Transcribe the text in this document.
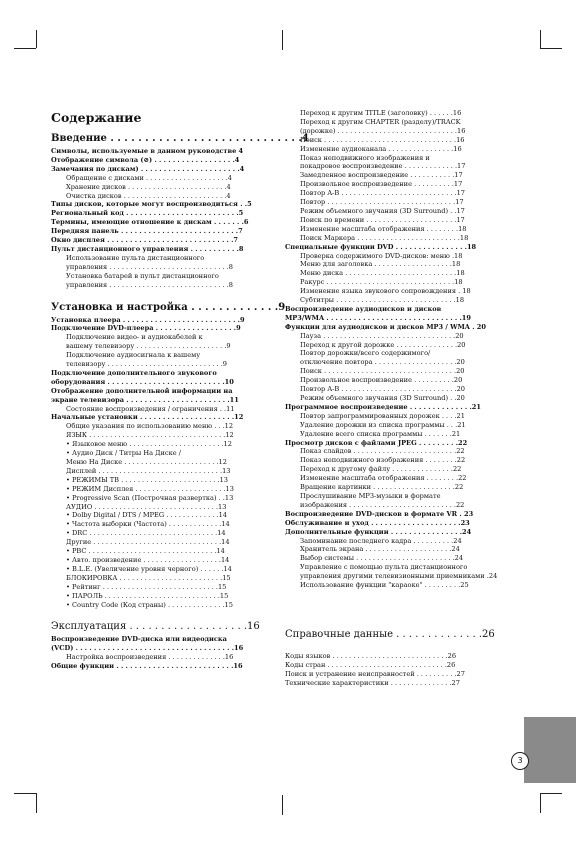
3
Содержание
Введение . . . . . . . . . . . . . . . . . . . . . . . . . . . .4
Символы, используемые в данном руководстве 4
Отображение символа (⊘) . . . . . . . . . . . . . . . . . .4
Замечания по дискам) . . . . . . . . . . . . . . . . . . . . . .4
Обращение с дисками . . . . . . . . . . . . . . . . . . . .4
Хранение дисков . . . . . . . . . . . . . . . . . . . . . . . .4
Очистка дисков . . . . . . . . . . . . . . . . . . . . . . . . .4
Типы дисков, которые могут воспроизводиться . .5
Региональный код . . . . . . . . . . . . . . . . . . . . . . . . .5
Термины, имеющие отношение к дискам . . . . . . .6
Передняя панель . . . . . . . . . . . . . . . . . . . . . . . . . .7
Окно дисплея . . . . . . . . . . . . . . . . . . . . . . . . . . . .7
Пульт дистанционного управления . . . . . . . . . . .8
Использование пульта дистанционного
управления . . . . . . . . . . . . . . . . . . . . . . . . . . . . .8
Установка батарей в пульт дистанционного
управления . . . . . . . . . . . . . . . . . . . . . . . . . . . . .8
Установка и настройка . . . . . . . . . . . . .9
Установка плеера . . . . . . . . . . . . . . . . . . . . . . . . . .9
Подключение DVD-плеера . . . . . . . . . . . . . . . . . .9
Подключение видео- и аудиокабелей к
вашему телевизору . . . . . . . . . . . . . . . . . . . . . .9
Подключение аудиосигнала к вашему
телевизору . . . . . . . . . . . . . . . . . . . . . . . . . . . .9
Подключение дополнительного звукового
оборудования . . . . . . . . . . . . . . . . . . . . . . . . . .10
Отображение дополнительной информации на
экране телевизора . . . . . . . . . . . . . . . . . . . . . . .11
Состояние воспроизведения / ограничения . .11
Начальные установки . . . . . . . . . . . . . . . . . . . . .12
Общие указания по использованию меню . . .12
ЯЗЫК . . . . . . . . . . . . . . . . . . . . . . . . . . . . . . . . .12
• Языковое меню . . . . . . . . . . . . . . . . . . . . . . .12
• Аудио Диск / Титры На Диске /
Меню На Диске . . . . . . . . . . . . . . . . . . . . . . .12
Дисплей . . . . . . . . . . . . . . . . . . . . . . . . . . . . . .13
• РЕЖИМЫ ТВ . . . . . . . . . . . . . . . . . . . . . . . .13
• РЕЖИМ Дисплея . . . . . . . . . . . . . . . . . . . . . .13
• Progressive Scan (Построчная развертка) . .13
АУДИО . . . . . . . . . . . . . . . . . . . . . . . . . . . . . .13
• Dolby Digital / DTS / MPEG . . . . . . . . . . . . .14
• Частота выборки (Частота) . . . . . . . . . . . . .14
• DRC . . . . . . . . . . . . . . . . . . . . . . . . . . . . . . .14
Другие . . . . . . . . . . . . . . . . . . . . . . . . . . . . . . .14
• PBC . . . . . . . . . . . . . . . . . . . . . . . . . . . . . . .14
• Авто. произведение . . . . . . . . . . . . . . . . . . .14
• B.L.E. (Увеличение уровня черного) . . . . . .14
БЛОКИРОВКА . . . . . . . . . . . . . . . . . . . . . . . . .15
• Рейтинг . . . . . . . . . . . . . . . . . . . . . . . . . . . .15
• ПАРОЛЬ . . . . . . . . . . . . . . . . . . . . . . . . . . . .15
• Country Code (Код страны) . . . . . . . . . . . . . .15
Эксплуатация . . . . . . . . . . . . . . . . . . .16
Воспроизведение DVD-диска или видеодиска
(VCD) . . . . . . . . . . . . . . . . . . . . . . . . . . . . . . . . . . .16
Настройка воспроизведения . . . . . . . . . . . . . .16
Общие функции . . . . . . . . . . . . . . . . . . . . . . . . . .16
Переход к другим TITLE (заголовку) . . . . . .16
Переход к другим CHAPTER (разделу)/TRACK
(дорожке) . . . . . . . . . . . . . . . . . . . . . . . . . . . . .16
Поиск . . . . . . . . . . . . . . . . . . . . . . . . . . . . . . . .16
Изменение аудиоканала . . . . . . . . . . . . . . . .16
Показ неподвижного изображения и
покадровое воспроизведение . . . . . . . . . . . . .17
Замедленное воспроизведение . . . . . . . . . . .17
Произвольное воспроизведение . . . . . . . . . .17
Повтор A-B . . . . . . . . . . . . . . . . . . . . . . . . . . . .17
Повтор . . . . . . . . . . . . . . . . . . . . . . . . . . . . . . .17
Режим объемного звучания (3D Surround) . .17
Поиск по времени . . . . . . . . . . . . . . . . . . . . . .17
Изменение масштаба отображения . . . . . . . .18
Поиск Маркера . . . . . . . . . . . . . . . . . . . . . . . . .18
Специальные функции DVD . . . . . . . . . . . . . . . .18
Проверка содержимого DVD-дисков: меню .18
Меню для заголовка . . . . . . . . . . . . . . . . . . .18
Меню диска . . . . . . . . . . . . . . . . . . . . . . . . . . .18
Ракурс . . . . . . . . . . . . . . . . . . . . . . . . . . . . . . .18
Изменение языка звукового сопровождения . 18
Субтитры . . . . . . . . . . . . . . . . . . . . . . . . . . . . .18
Воспроизведение аудиодисков и дисков
MP3/WMA . . . . . . . . . . . . . . . . . . . . . . . . . . . . . .19
Функции для аудиодисков и дисков MP3 / WMA . 20
Пауза . . . . . . . . . . . . . . . . . . . . . . . . . . . . . . . .20
Переход к другой дорожке . . . . . . . . . . . . . . .20
Повтор дорожки/всего содержимого/
отключение повтора . . . . . . . . . . . . . . . . . . . .20
Поиск . . . . . . . . . . . . . . . . . . . . . . . . . . . . . . . .20
Произвольное воспроизведение . . . . . . . . . .20
Повтор A-B . . . . . . . . . . . . . . . . . . . . . . . . . . . .20
Режим объемного звучания (3D Surround) . .20
Программное воспроизведение . . . . . . . . . . . . . .21
Повтор запрограммированных дорожек . . . .21
Удаление дорожки из списка программы . . .21
Удаление всего списка программы . . . . . . .21
Просмотр дисков с файлами JPEG . . . . . . . . .22
Показ слайдов . . . . . . . . . . . . . . . . . . . . . . . . .22
Показ неподвижного изображения . . . . . . . .22
Переход к другому файлу . . . . . . . . . . . . . . .22
Изменение масштаба отображения . . . . . . . .22
Вращение картинки . . . . . . . . . . . . . . . . . . . .22
Прослушивание MP3-музыки в формате
изображения . . . . . . . . . . . . . . . . . . . . . . . . . .22
Воспроизведение DVD-дисков в формате VR . 23
Обслуживание и уход . . . . . . . . . . . . . . . . . . . .23
Дополнительные функции . . . . . . . . . . . . . . . .24
Запоминание последнего кадра . . . . . . . . . .24
Хранитель экрана . . . . . . . . . . . . . . . . . . . . .24
Выбор системы . . . . . . . . . . . . . . . . . . . . . . . .24
Управление с помощью пульта дистанционного
управления другими телевизионными приемниками .24
Использование функции "караоке" . . . . . . . . .25
Справочные данные . . . . . . . . . . . . . .26
Коды языков . . . . . . . . . . . . . . . . . . . . . . . . . . . .26
Коды стран . . . . . . . . . . . . . . . . . . . . . . . . . . . . .26
Поиск и устранение неисправностей . . . . . . . . . .27
Технические характеристики . . . . . . . . . . . . . . .27
